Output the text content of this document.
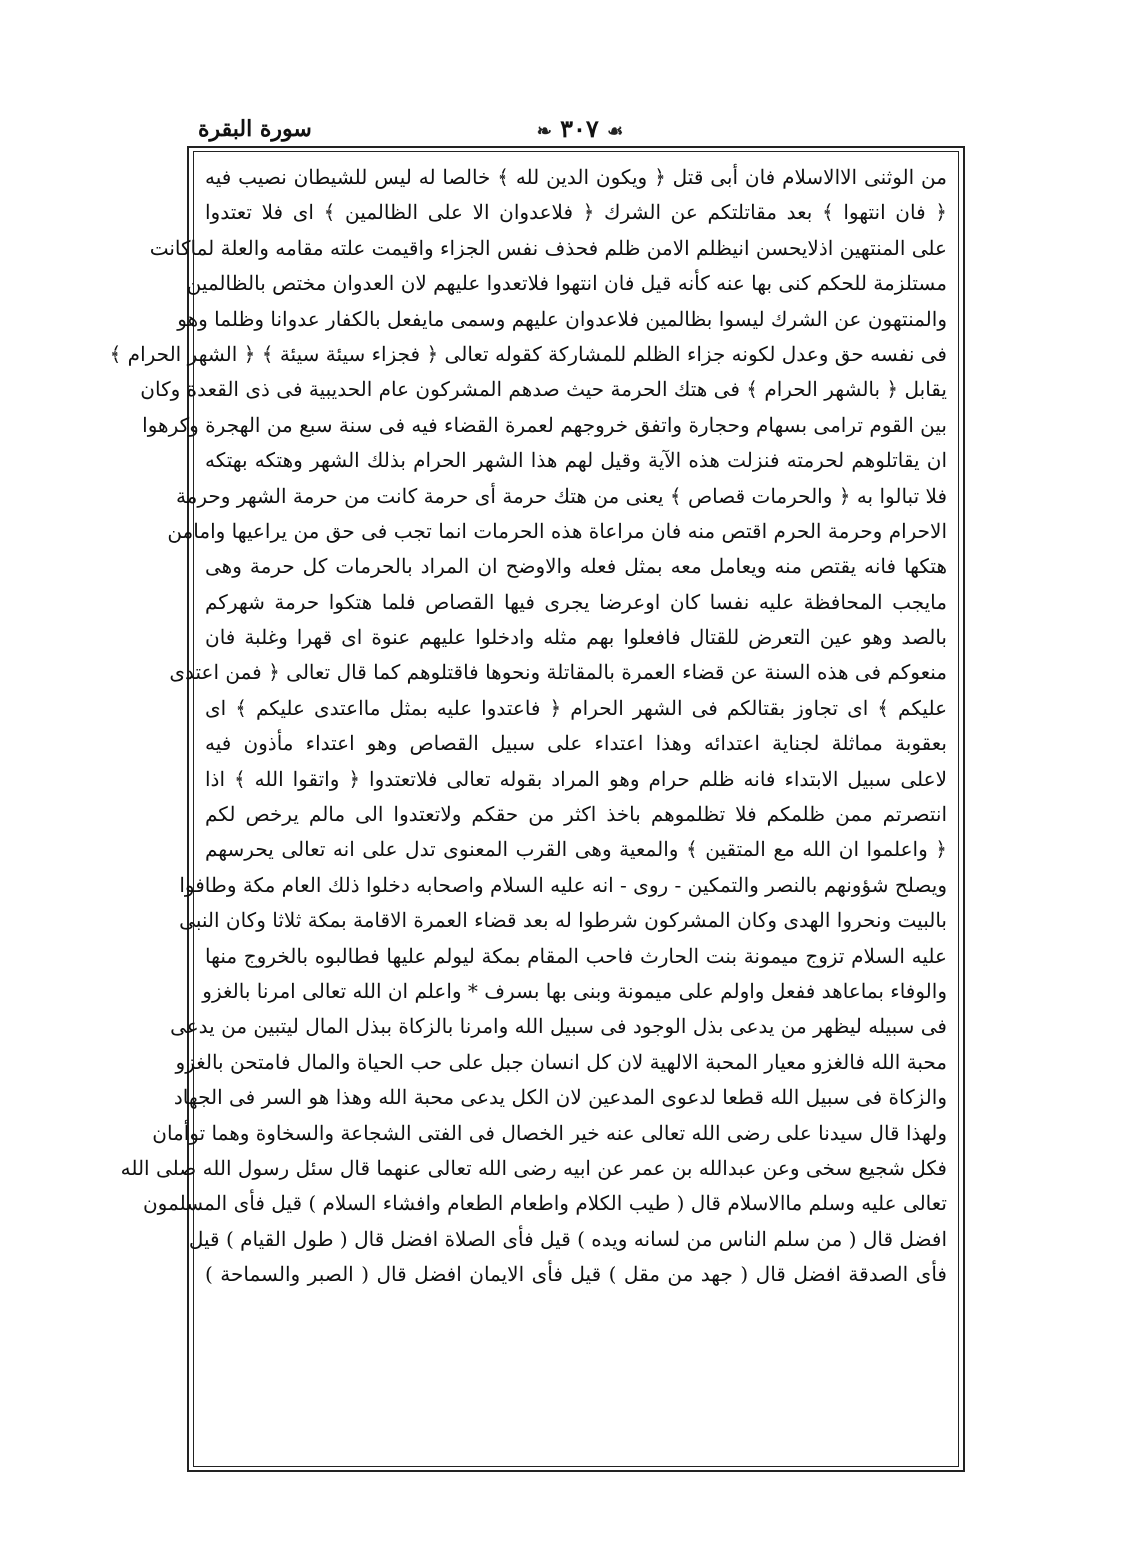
سورة البقرة	❧ ٣٠٧ ☙
من الوثنى الاالاسلام فان أبى قتل ﴿ ويكون الدين لله ﴾ خالصا له ليس للشيطان نصيب فيه
﴿ فان انتهوا ﴾ بعد مقاتلتكم عن الشرك ﴿ فلاعدوان الا على الظالمين ﴾ اى فلا تعتدوا
على المنتهين اذلايحسن انيظلم الامن ظلم فحذف نفس الجزاء واقيمت علته مقامه والعلة لماكانت
مستلزمة للحكم كنى بها عنه كأنه قيل فان انتهوا فلاتعدوا عليهم لان العدوان مختص بالظالمين
والمنتهون عن الشرك ليسوا بظالمين فلاعدوان عليهم وسمى مايفعل بالكفار عدوانا وظلما وهو
فى نفسه حق وعدل لكونه جزاء الظلم للمشاركة كقوله تعالى ﴿ فجزاء سيئة سيئة ﴾ ﴿ الشهر الحرام ﴾
يقابل ﴿ بالشهر الحرام ﴾ فى هتك الحرمة حيث صدهم المشركون عام الحديبية فى ذى القعدة وكان
بين القوم ترامى بسهام وحجارة واتفق خروجهم لعمرة القضاء فيه فى سنة سبع من الهجرة وكرهوا
ان يقاتلوهم لحرمته فنزلت هذه الآية وقيل لهم هذا الشهر الحرام بذلك الشهر وهتكه بهتكه
فلا تبالوا به ﴿ والحرمات قصاص ﴾ يعنى من هتك حرمة أى حرمة كانت من حرمة الشهر وحرمة
الاحرام وحرمة الحرم اقتص منه فان مراعاة هذه الحرمات انما تجب فى حق من يراعيها وامامن
هتكها فانه يقتص منه ويعامل معه بمثل فعله والاوضح ان المراد بالحرمات كل حرمة وهى
مايجب المحافظة عليه نفسا كان اوعرضا يجرى فيها القصاص فلما هتكوا حرمة شهركم
بالصد وهو عين التعرض للقتال فافعلوا بهم مثله وادخلوا عليهم عنوة اى قهرا وغلبة فان
منعوكم فى هذه السنة عن قضاء العمرة بالمقاتلة ونحوها فاقتلوهم كما قال تعالى ﴿ فمن اعتدى
عليكم ﴾ اى تجاوز بقتالكم فى الشهر الحرام ﴿ فاعتدوا عليه بمثل مااعتدى عليكم ﴾ اى
بعقوبة مماثلة لجناية اعتدائه وهذا اعتداء على سبيل القصاص وهو اعتداء مأذون فيه
لاعلى سبيل الابتداء فانه ظلم حرام وهو المراد بقوله تعالى فلاتعتدوا ﴿ واتقوا الله ﴾ اذا
انتصرتم ممن ظلمكم فلا تظلموهم باخذ اكثر من حقكم ولاتعتدوا الى مالم يرخص لكم
﴿ واعلموا ان الله مع المتقين ﴾ والمعية وهى القرب المعنوى تدل على انه تعالى يحرسهم
ويصلح شؤونهم بالنصر والتمكين - روى - انه عليه السلام واصحابه دخلوا ذلك العام مكة وطافوا
بالبيت ونحروا الهدى وكان المشركون شرطوا له بعد قضاء العمرة الاقامة بمكة ثلاثا وكان النبى
عليه السلام تزوج ميمونة بنت الحارث فاحب المقام بمكة ليولم عليها فطالبوه بالخروج منها
والوفاء بماعاهد ففعل واولم على ميمونة وبنى بها بسرف * واعلم ان الله تعالى امرنا بالغزو
فى سبيله ليظهر من يدعى بذل الوجود فى سبيل الله وامرنا بالزكاة ببذل المال ليتبين من يدعى
محبة الله فالغزو معيار المحبة الالهية لان كل انسان جبل على حب الحياة والمال فامتحن بالغزو
والزكاة فى سبيل الله قطعا لدعوى المدعين لان الكل يدعى محبة الله وهذا هو السر فى الجهاد
ولهذا قال سيدنا على رضى الله تعالى عنه خير الخصال فى الفتى الشجاعة والسخاوة وهما توأمان
فكل شجيع سخى وعن عبدالله بن عمر عن ابيه رضى الله تعالى عنهما قال سئل رسول الله صلى الله
تعالى عليه وسلم ماالاسلام قال ( طيب الكلام واطعام الطعام وافشاء السلام ) قيل فأى المسلمون
افضل قال ( من سلم الناس من لسانه ويده ) قيل فأى الصلاة افضل قال ( طول القيام ) قيل
فأى الصدقة افضل قال ( جهد من مقل ) قيل فأى الايمان افضل قال ( الصبر والسماحة )
